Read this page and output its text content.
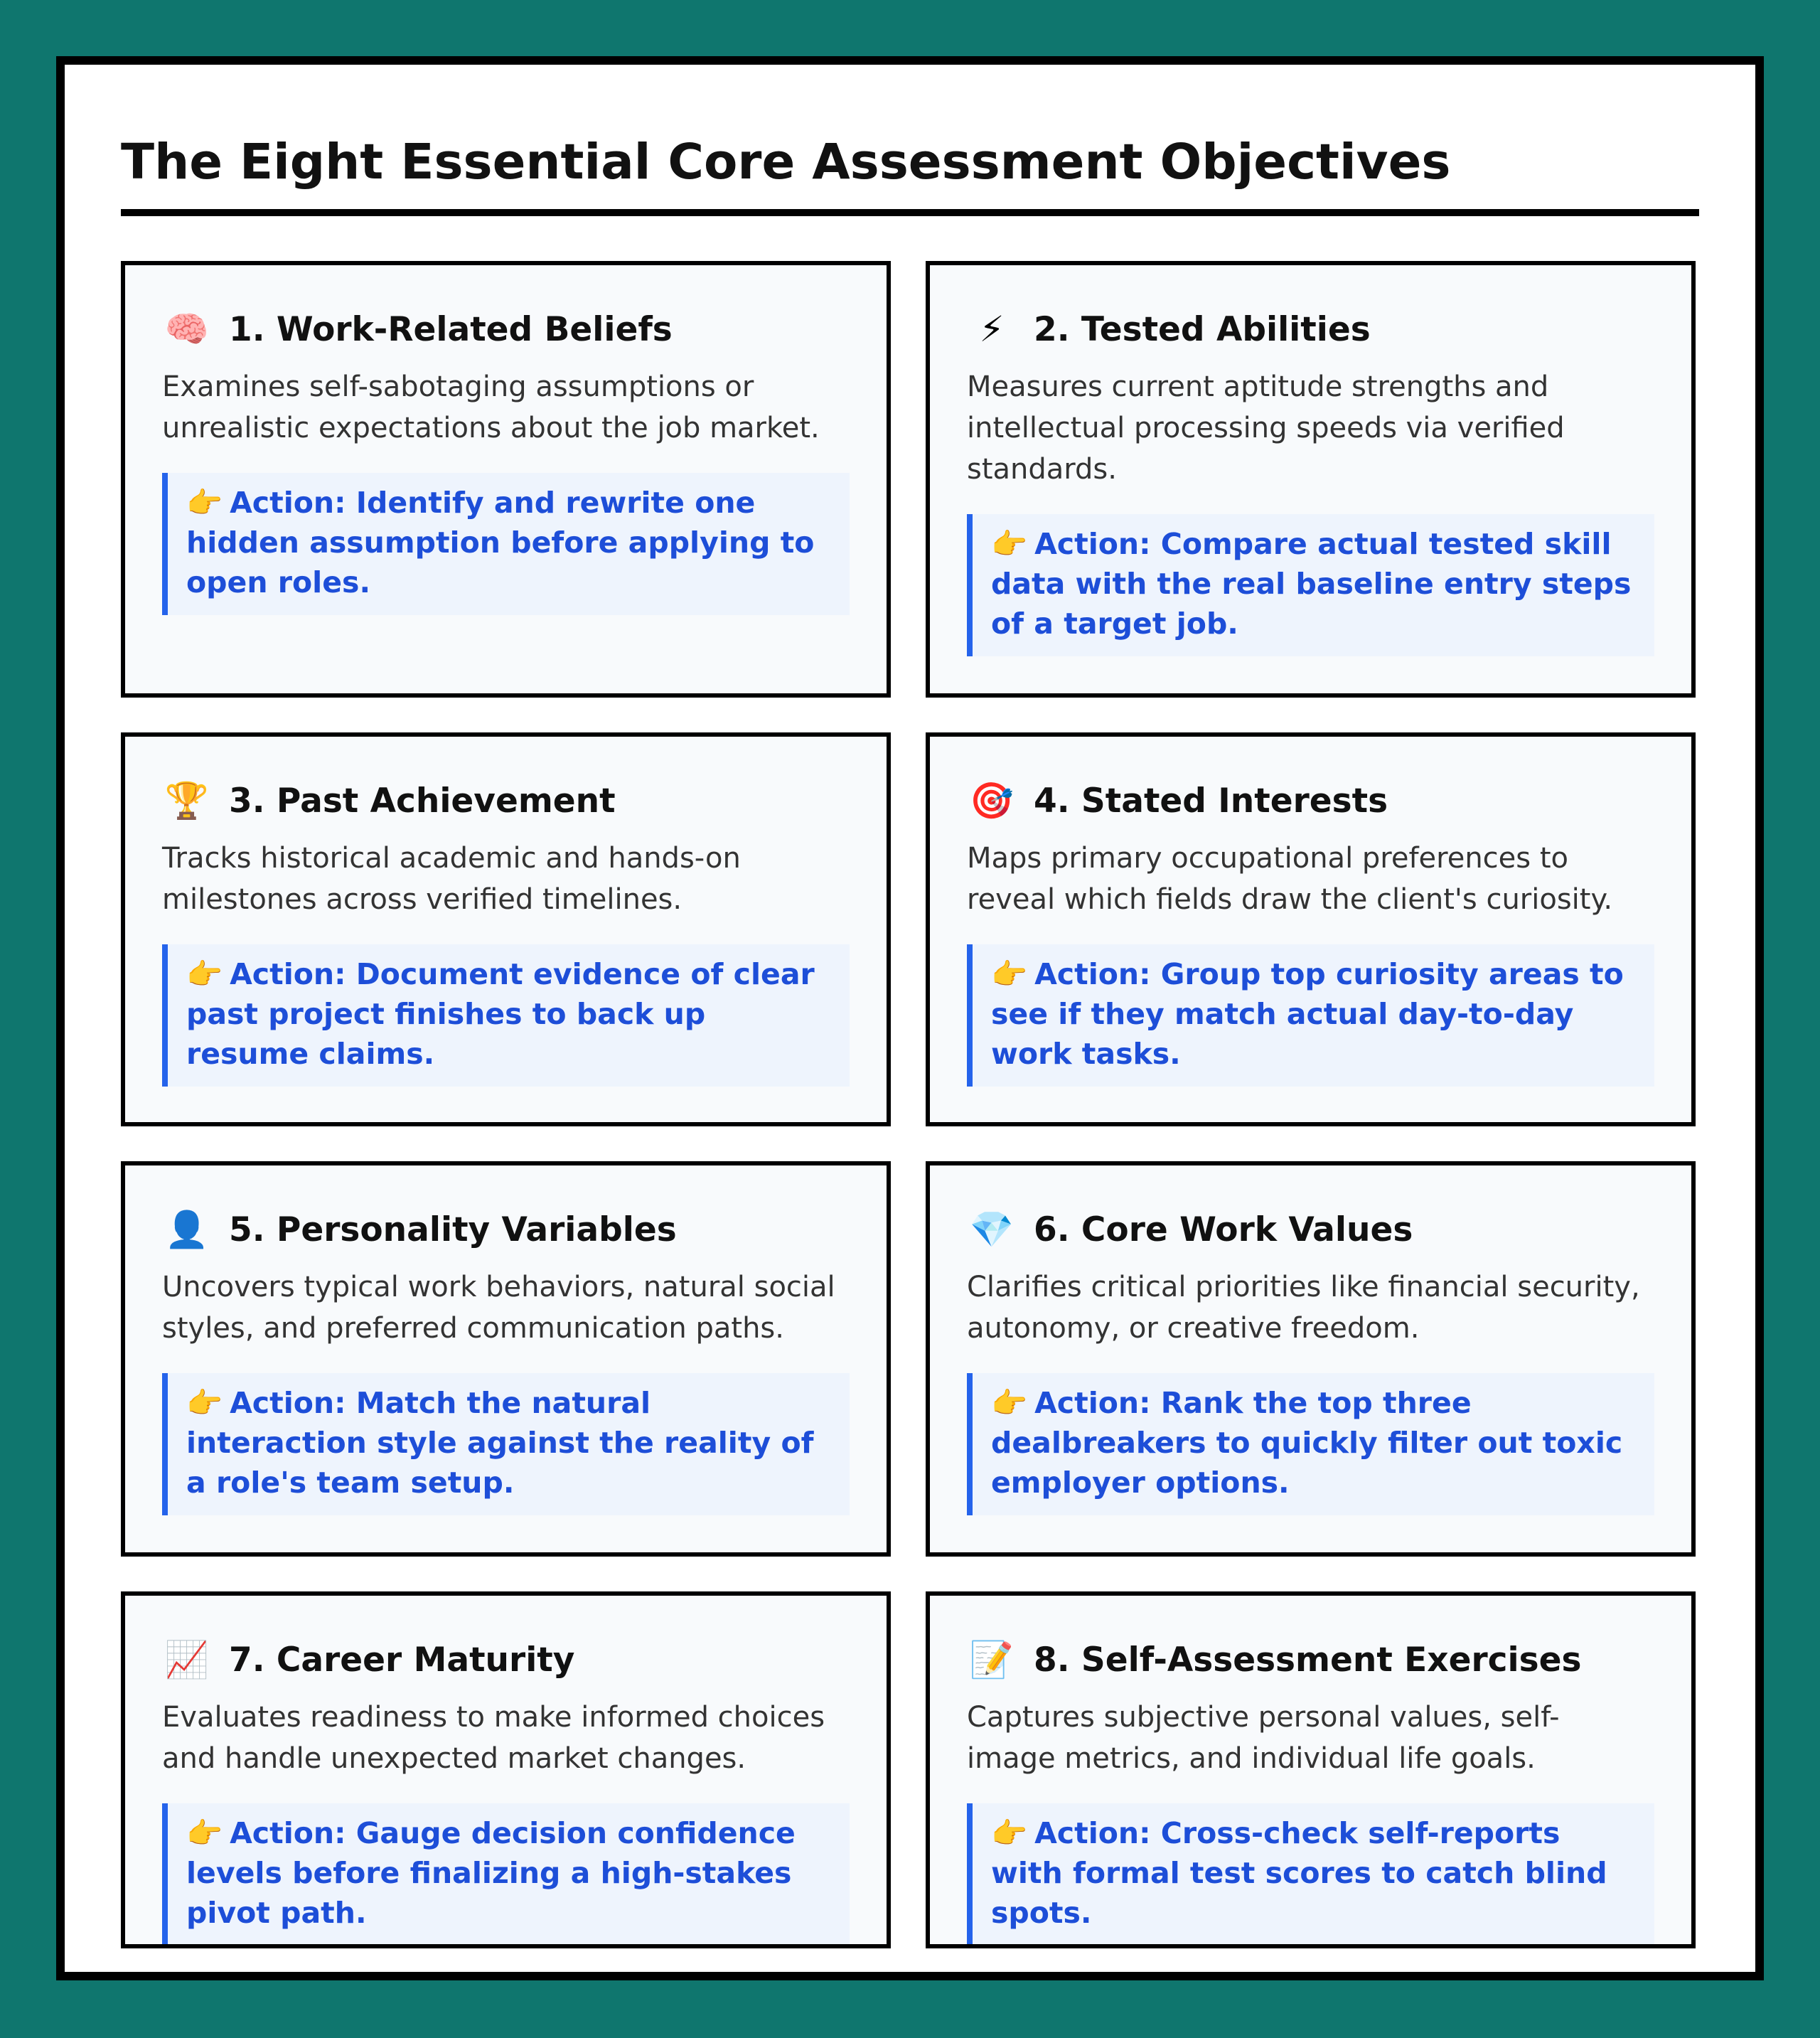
The Eight Essential Core Assessment Objectives
🧠 1. Work-Related Beliefs

Examines self-sabotaging assumptions or unrealistic expectations about the job market.

👉 Action: Identify and rewrite one hidden assumption before applying to open roles.
⚡ 2. Tested Abilities

Measures current aptitude strengths and intellectual processing speeds via verified standards.

👉 Action: Compare actual tested skill data with the real baseline entry steps of a target job.
🏆 3. Past Achievement

Tracks historical academic and hands-on milestones across verified timelines.

👉 Action: Document evidence of clear past project finishes to back up resume claims.
🎯 4. Stated Interests

Maps primary occupational preferences to reveal which fields draw the client's curiosity.

👉 Action: Group top curiosity areas to see if they match actual day-to-day work tasks.
👤 5. Personality Variables

Uncovers typical work behaviors, natural social styles, and preferred communication paths.

👉 Action: Match the natural interaction style against the reality of a role's team setup.
💎 6. Core Work Values

Clarifies critical priorities like financial security, autonomy, or creative freedom.

👉 Action: Rank the top three dealbreakers to quickly filter out toxic employer options.
📈 7. Career Maturity

Evaluates readiness to make informed choices and handle unexpected market changes.

👉 Action: Gauge decision confidence levels before finalizing a high-stakes pivot path.
📝 8. Self-Assessment Exercises

Captures subjective personal values, self-image metrics, and individual life goals.

👉 Action: Cross-check self-reports with formal test scores to catch blind spots.
